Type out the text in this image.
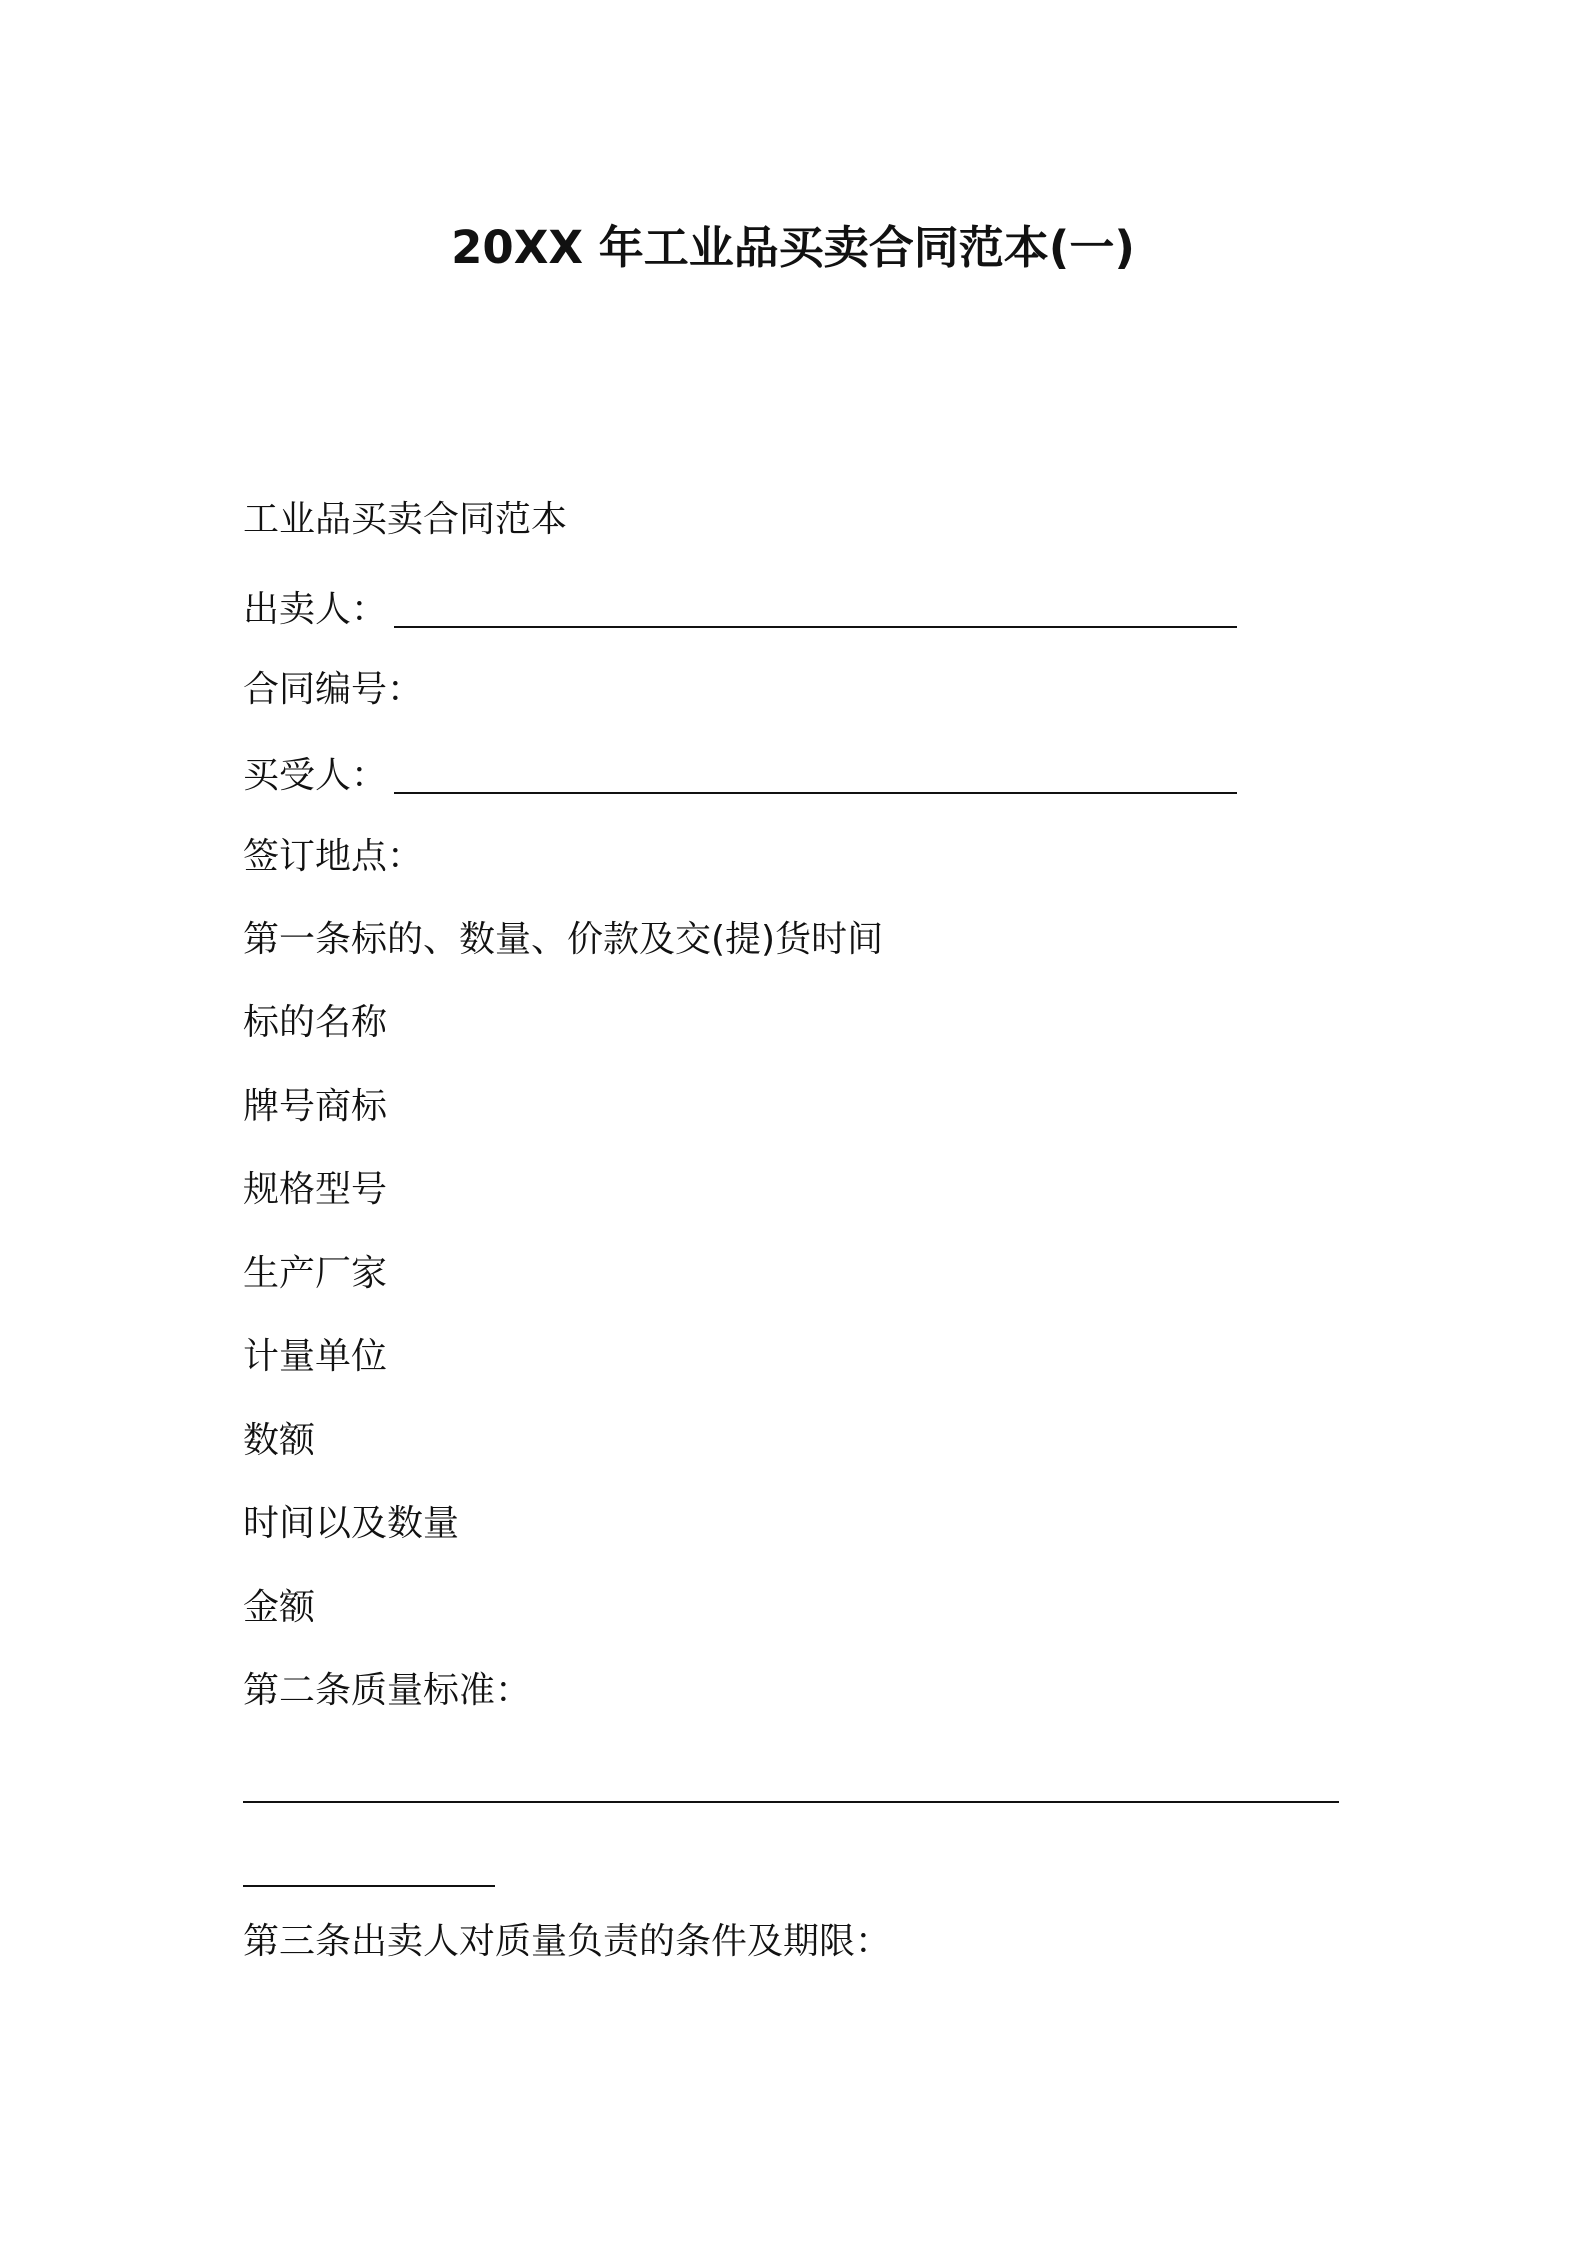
20XX 年工业品买卖合同范本(一)
工业品买卖合同范本
出卖人：
合同编号：
买受人：
签订地点：
第一条标的、数量、价款及交(提)货时间
标的名称
牌号商标
规格型号
生产厂家
计量单位
数额
时间以及数量
金额
第二条质量标准：
第三条出卖人对质量负责的条件及期限：
